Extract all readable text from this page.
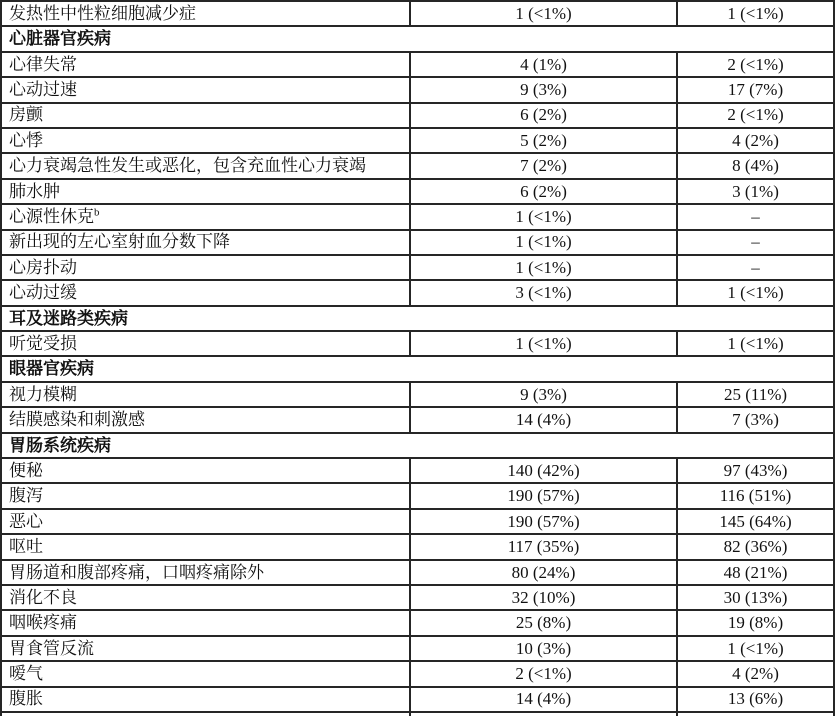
发热性中性粒细胞减少症	1 (<1%)	1 (<1%)
心脏器官疾病		
心律失常	4 (1%)	2 (<1%)
心动过速	9 (3%)	17 (7%)
房颤	6 (2%)	2 (<1%)
心悸	5 (2%)	4 (2%)
心力衰竭急性发生或恶化，包含充血性心力衰竭	7 (2%)	8 (4%)
肺水肿	6 (2%)	3 (1%)
心源性休克$^b$	1 (<1%)	–
新出现的左心室射血分数下降	1 (<1%)	–
心房扑动	1 (<1%)	–
心动过缓	3 (<1%)	1 (<1%)
耳及迷路类疾病		
听觉受损	1 (<1%)	1 (<1%)
眼器官疾病		
视力模糊	9 (3%)	25 (11%)
结膜感染和刺激感	14 (4%)	7 (3%)
胃肠系统疾病		
便秘	140 (42%)	97 (43%)
腹泻	190 (57%)	116 (51%)
恶心	190 (57%)	145 (64%)
呕吐	117 (35%)	82 (36%)
胃肠道和腹部疼痛，口咽疼痛除外	80 (24%)	48 (21%)
消化不良	32 (10%)	30 (13%)
咽喉疼痛	25 (8%)	19 (8%)
胃食管反流	10 (3%)	1 (<1%)
嗳气	2 (<1%)	4 (2%)
腹胀	14 (4%)	13 (6%)
